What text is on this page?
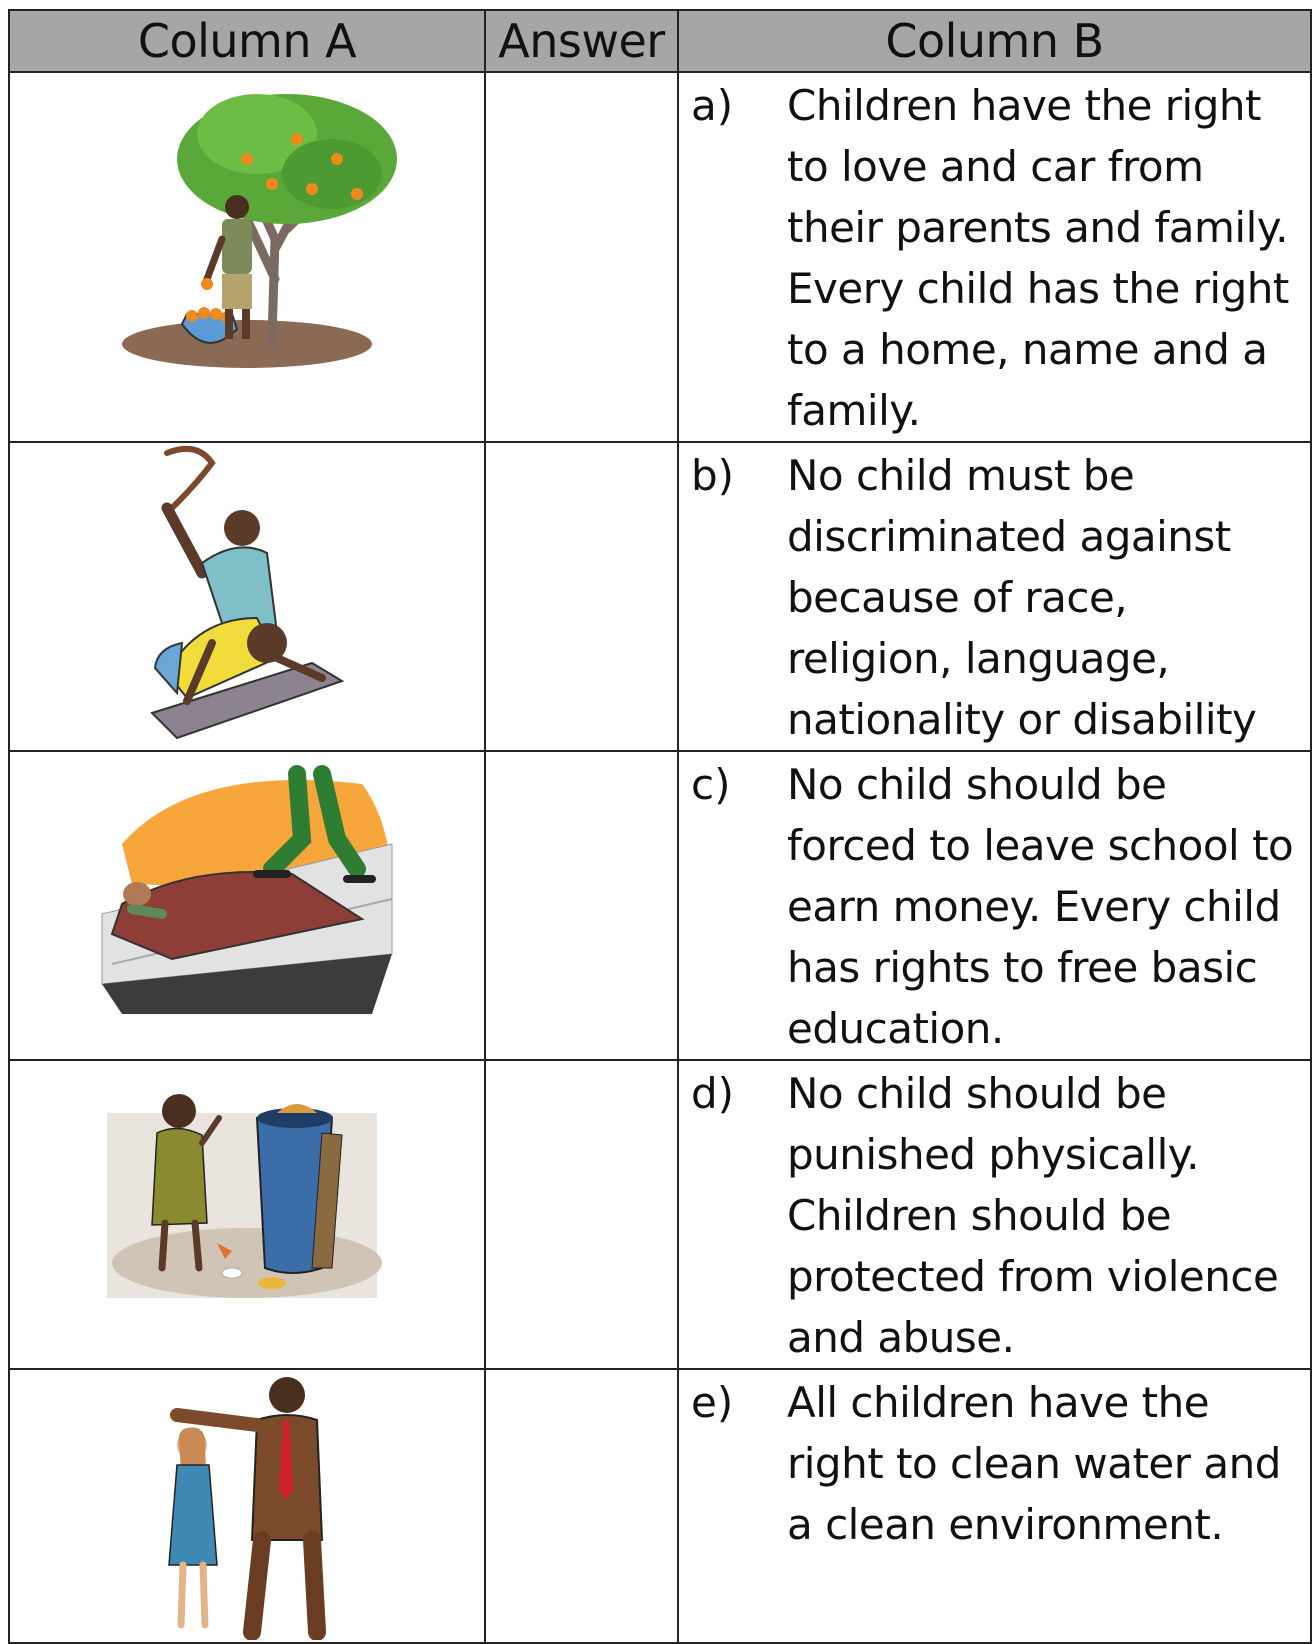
Column A	Answer	Column B

a) Children have the right to love and car from their parents and family. Every child has the right to a home, name and a family.

b) No child must be discriminated against because of race, religion, language, nationality or disability

c) No child should be forced to leave school to earn money. Every child has rights to free basic education.

d) No child should be punished physically. Children should be protected from violence and abuse.

e) All children have the right to clean water and a clean environment.
